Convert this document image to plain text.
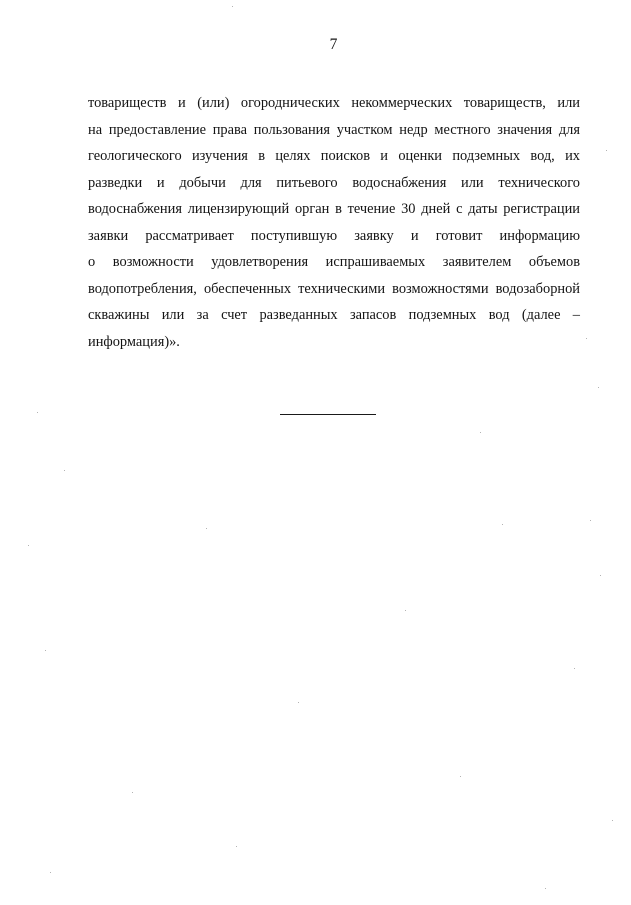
7
товариществ и (или) огороднических некоммерческих товариществ, или
на предоставление права пользования участком недр местного значения для
геологического изучения в целях поисков и оценки подземных вод, их
разведки и добычи для питьевого водоснабжения или технического
водоснабжения лицензирующий орган в течение 30 дней с даты регистрации
заявки рассматривает поступившую заявку и готовит информацию
о возможности удовлетворения испрашиваемых заявителем объемов
водопотребления, обеспеченных техническими возможностями водозаборной
скважины или за счет разведанных запасов подземных вод (далее –
информация)».
